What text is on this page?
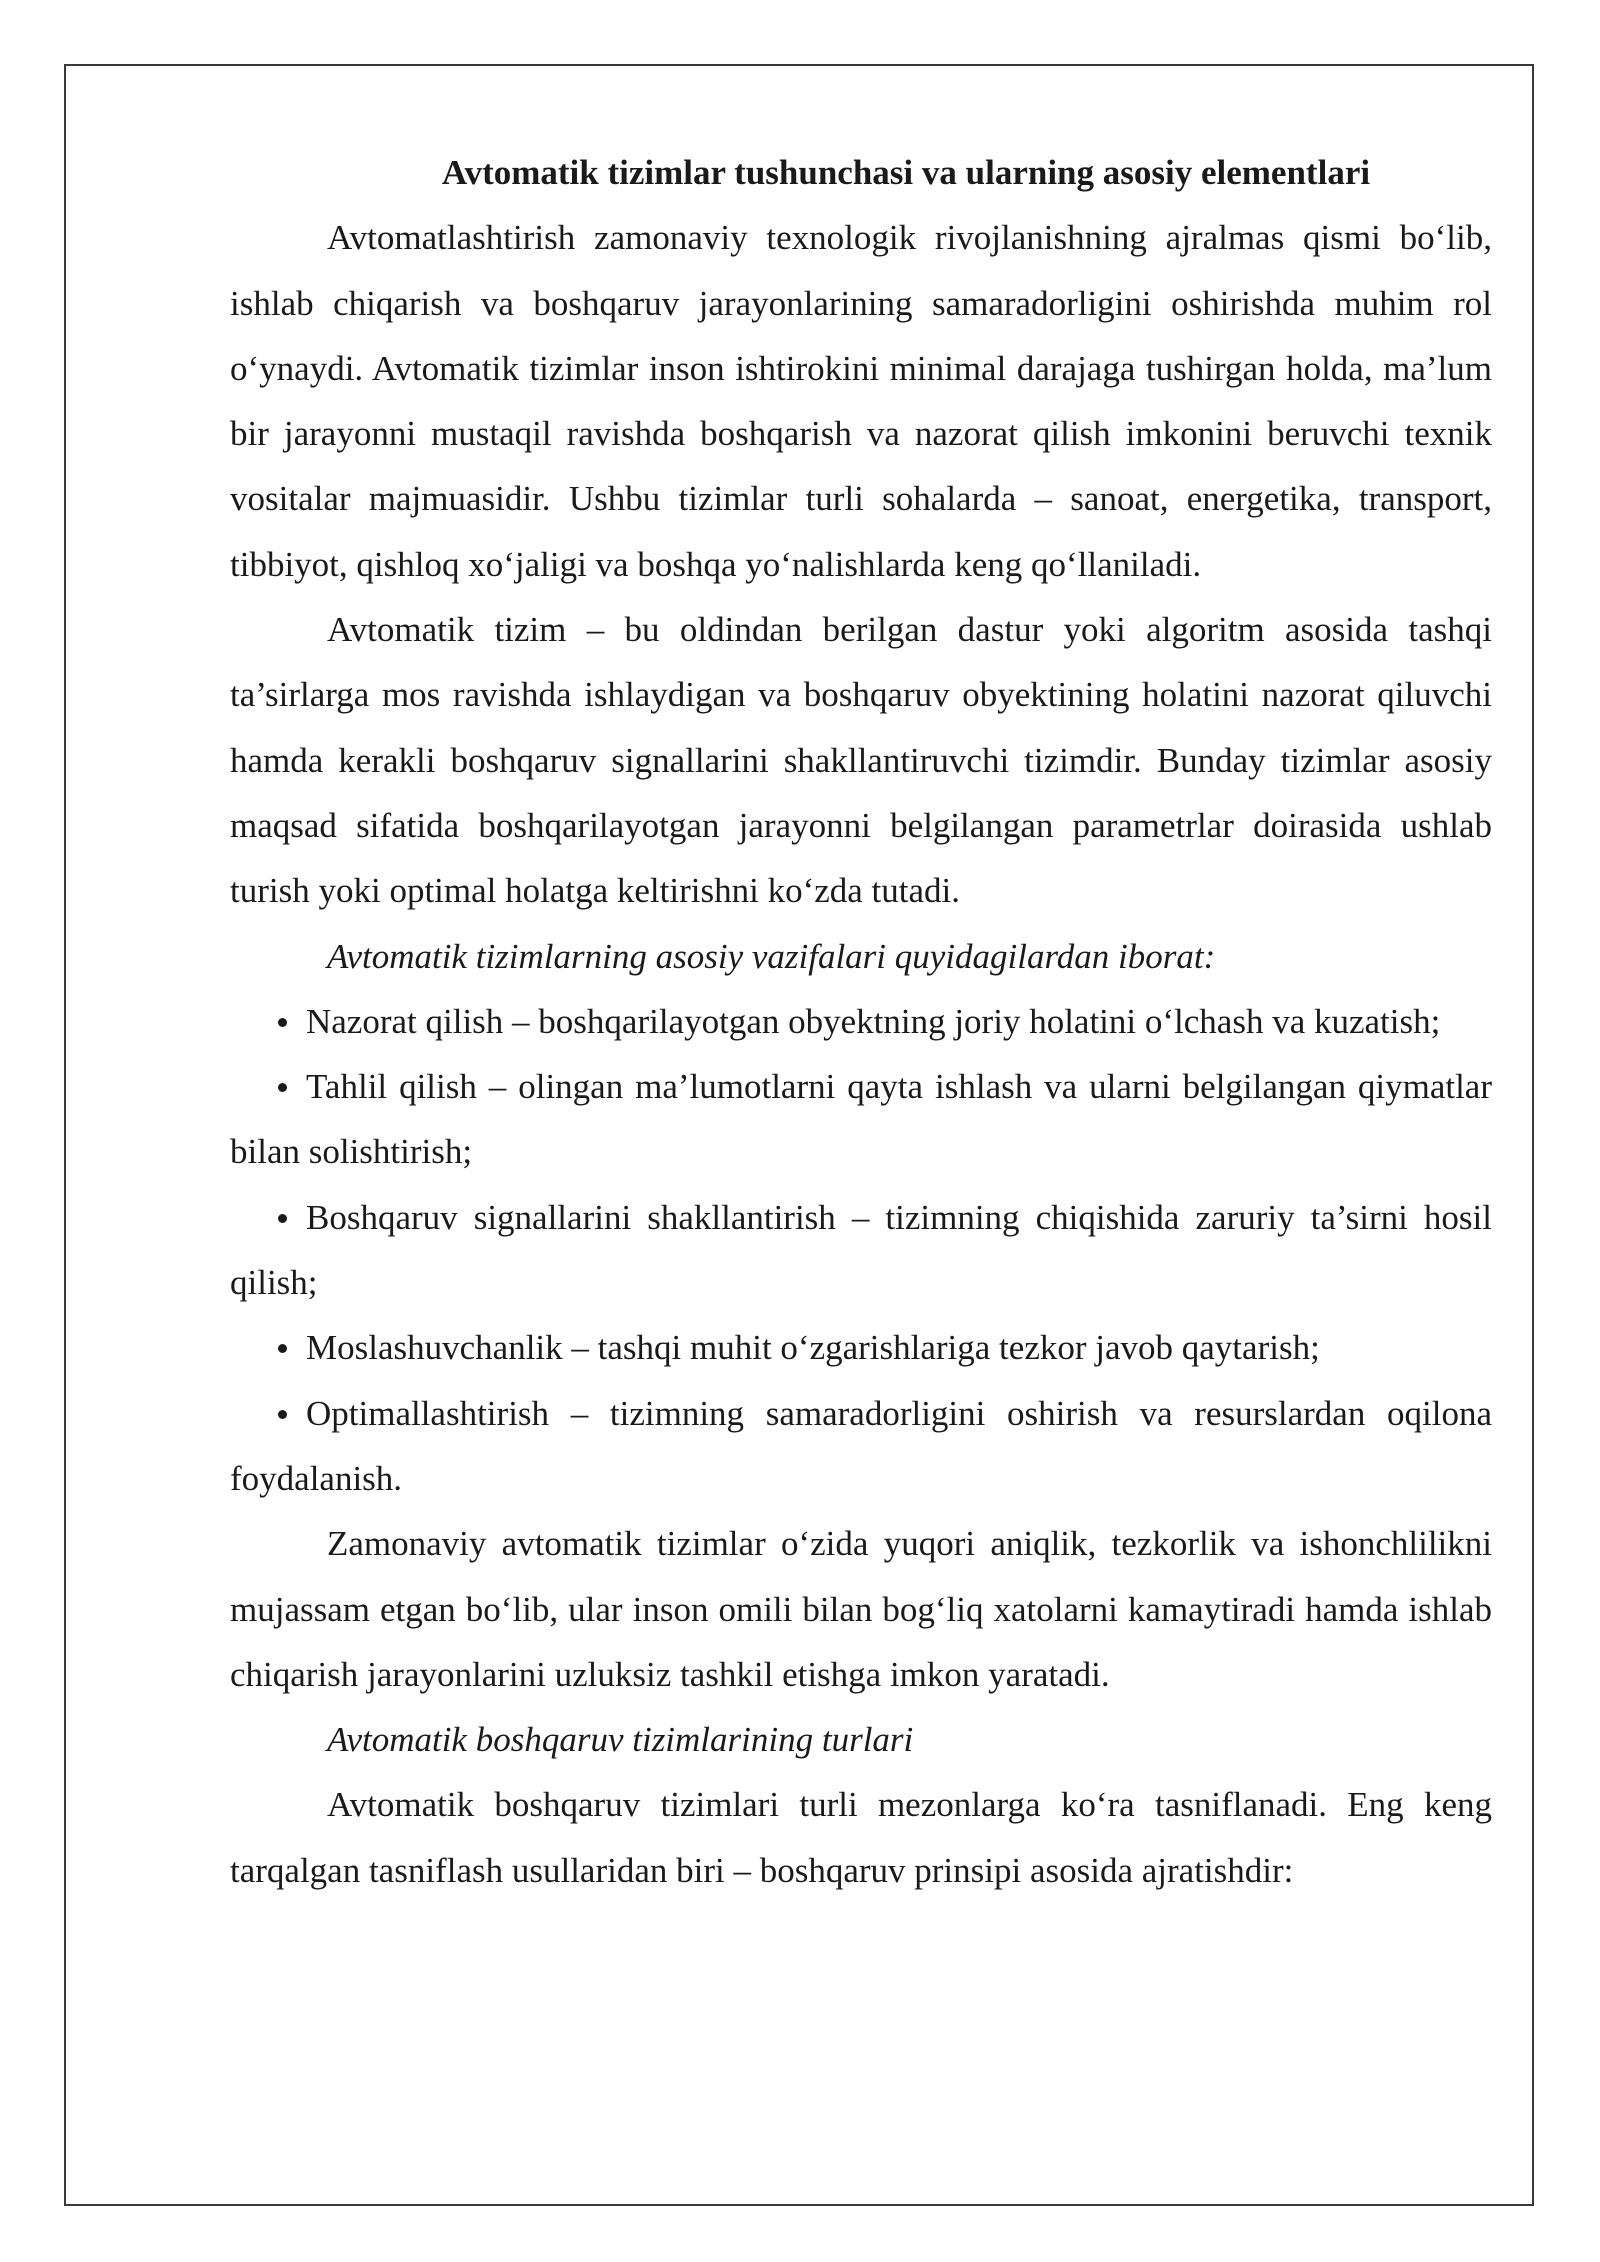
Avtomatik tizimlar tushunchasi va ularning asosiy elementlari

Avtomatlashtirish zamonaviy texnologik rivojlanishning ajralmas qismi bo‘lib, ishlab chiqarish va boshqaruv jarayonlarining samaradorligini oshirishda muhim rol o‘ynaydi. Avtomatik tizimlar inson ishtirokini minimal darajaga tushirgan holda, ma’lum bir jarayonni mustaqil ravishda boshqarish va nazorat qilish imkonini beruvchi texnik vositalar majmuasidir. Ushbu tizimlar turli sohalarda – sanoat, energetika, transport, tibbiyot, qishloq xo‘jaligi va boshqa yo‘nalishlarda keng qo‘llaniladi.

Avtomatik tizim – bu oldindan berilgan dastur yoki algoritm asosida tashqi ta’sirlarga mos ravishda ishlaydigan va boshqaruv obyektining holatini nazorat qiluvchi hamda kerakli boshqaruv signallarini shakllantiruvchi tizimdir. Bunday tizimlar asosiy maqsad sifatida boshqarilayotgan jarayonni belgilangan parametrlar doirasida ushlab turish yoki optimal holatga keltirishni ko‘zda tutadi.

Avtomatik tizimlarning asosiy vazifalari quyidagilardan iborat:

Nazorat qilish – boshqarilayotgan obyektning joriy holatini o‘lchash va kuzatish;
Tahlil qilish – olingan ma’lumotlarni qayta ishlash va ularni belgilangan qiymatlar bilan solishtirish;
Boshqaruv signallarini shakllantirish – tizimning chiqishida zaruriy ta’sirni hosil qilish;
Moslashuvchanlik – tashqi muhit o‘zgarishlariga tezkor javob qaytarish;
Optimallashtirish – tizimning samaradorligini oshirish va resurslardan oqilona foydalanish.

Zamonaviy avtomatik tizimlar o‘zida yuqori aniqlik, tezkorlik va ishonchlilikni mujassam etgan bo‘lib, ular inson omili bilan bog‘liq xatolarni kamaytiradi hamda ishlab chiqarish jarayonlarini uzluksiz tashkil etishga imkon yaratadi.

Avtomatik boshqaruv tizimlarining turlari

Avtomatik boshqaruv tizimlari turli mezonlarga ko‘ra tasniflanadi. Eng keng tarqalgan tasniflash usullaridan biri – boshqaruv prinsipi asosida ajratishdir:
